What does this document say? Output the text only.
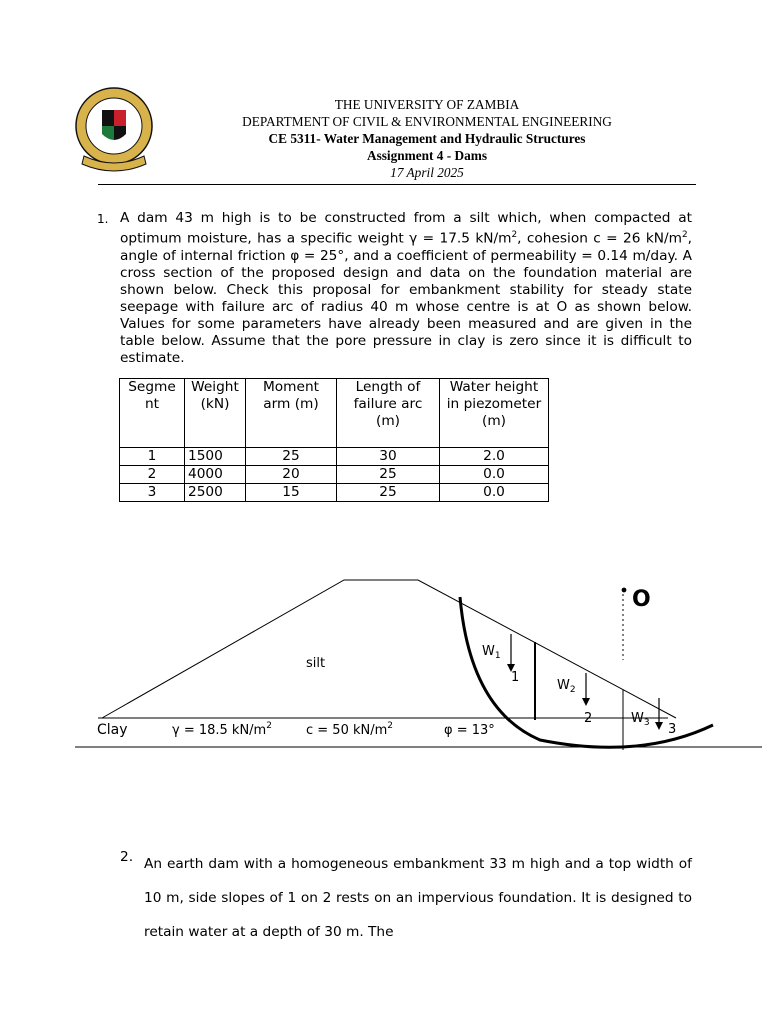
THE UNIVERSITY OF ZAMBIA
DEPARTMENT OF CIVIL & ENVIRONMENTAL ENGINEERING
CE 5311- Water Management and Hydraulic Structures
Assignment 4 - Dams
17 April 2025
1. A dam 43 m high is to be constructed from a silt which, when compacted at optimum moisture, has a specific weight γ = 17.5 $kN/m^2$, cohesion c = 26 $kN/m^2$, angle of internal friction φ = 25°, and a coefficient of permeability = 0.14 m/day. A cross section of the proposed design and data on the foundation material are shown below. Check this proposal for embankment stability for steady state seepage with failure arc of radius 40 m whose centre is at O as shown below. Values for some parameters have already been measured and are given in the table below. Assume that the pore pressure in clay is zero since it is difficult to estimate.
Segme nt	Weight (kN)	Moment arm (m)	Length of failure arc (m)	Water height in piezometer (m)
1	1500	25	30	2.0
2	4000	20	25	0.0
3	2500	15	25	0.0
O
$W_1$
$W_2$
$W_3$
1
2
3
silt
Clay	γ = 18.5 $kN/m^2$	c = 50 $kN/m^2$	φ = 13°
2. An earth dam with a homogeneous embankment 33 m high and a top width of 10 m, side slopes of 1 on 2 rests on an impervious foundation. It is designed to retain water at a depth of 30 m. The
